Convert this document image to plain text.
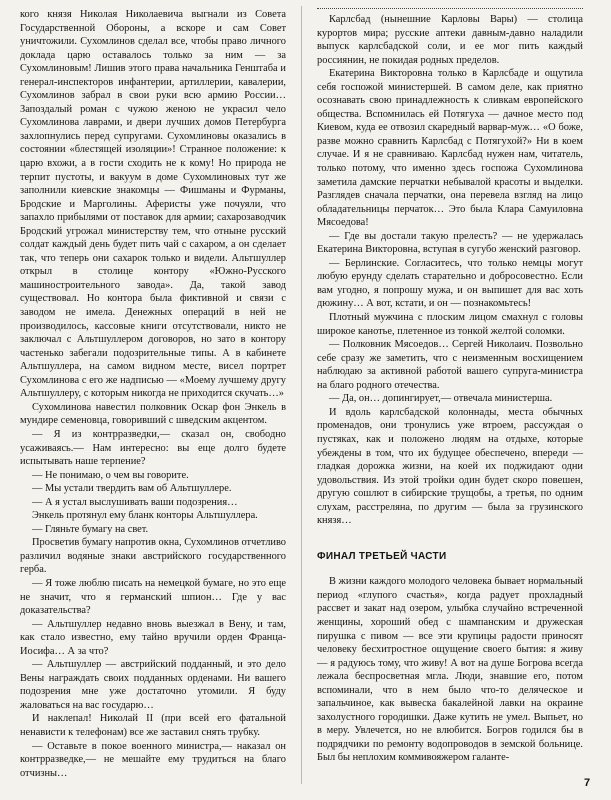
кого князя Николая Николаевича выгнали из Совета Государственной Обороны, а вскоре и сам Совет уничтожили. Сухомлинов сделал все, чтобы право личного доклада царю оставалось только за ним — за Сухомлиновым! Лишив этого права начальника Генштаба и генерал-инспекторов инфантерии, артиллерии, кавалерии, Сухомлинов забрал в свои руки всю армию России… Запоздалый роман с чужою женою не украсил чело Сухомлинова лаврами, и двери лучших домов Петербурга захлопнулись перед супругами. Сухомлиновы оказались в состоянии «блестящей изоляции»! Странное положение: к царю вхожи, а в гости сходить не к кому! Но природа не терпит пустоты, и вакуум в доме Сухомлиновых тут же заполнили киевские знакомцы — Фишманы и Фурманы, Бродские и Марголины. Аферисты уже почуяли, что запахло прибылями от поставок для армии; сахарозаводчик Бродский угрожал министерству тем, что отныне русский солдат каждый день будет пить чай с сахаром, а он сделает так, что теперь они сахарок только и видели. Альтшуллер открыл в столице контору «Южно-Русского машиностроительного завода». Да, такой завод существовал. Но контора была фиктивной и связи с заводом не имела. Денежных операций в ней не производилось, кассовые книги отсутствовали, никто не заключал с Альтшуллером договоров, но зато в контору частенько забегали подозрительные типы. А в кабинете Альтшуллера, на самом видном месте, висел портрет Сухомлинова с его же надписью — «Моему лучшему другу Альтшуллеру, с которым никогда не приходится скучать…»

Сухомлинова навестил полковник Оскар фон Энкель в мундире семеновца, говоривший с шведским акцентом.

— Я из контрразведки,— сказал он, свободно усаживаясь.— Нам интересно: вы еще долго будете испытывать наше терпение?

— Не понимаю, о чем вы говорите.

— Мы устали твердить вам об Альтшуллере.

— А я устал выслушивать ваши подозрения…

Энкель протянул ему бланк конторы Альтшуллера.

— Гляньте бумагу на свет.

Просветив бумагу напротив окна, Сухомлинов отчетливо различил водяные знаки австрийского государственного герба.

— Я тоже люблю писать на немецкой бумаге, но это еще не значит, что я германский шпион… Где у вас доказательства?

— Альтшуллер недавно вновь выезжал в Вену, и там, как стало известно, ему тайно вручили орден Франца-Иосифа… А за что?

— Альтшуллер — австрийский подданный, и это дело Вены награждать своих подданных орденами. Ни вашего подозрения мне уже достаточно утомили. Я буду жаловаться на вас государю…

И наклепал! Николай II (при всей его фатальной ненависти к телефонам) все же заставил снять трубку.

— Оставьте в покое военного министра,— наказал он контрразведке,— не мешайте ему трудиться на благо отчизны…

Карлсбад (нынешние Карловы Вары) — столица курортов мира; русские аптеки давным-давно наладили выпуск карлсбадской соли, и ее мог пить каждый россиянин, не покидая родных пределов.

Екатерина Викторовна только в Карлсбаде и ощутила себя госпожой министершей. В самом деле, как приятно осознавать свою принадлежность к сливкам европейского общества. Вспомнилась ей Потягуха — дачное место под Киевом, куда ее отвозил скаредный варвар-муж… «О боже, разве можно сравнить Карлсбад с Потягухой?» Ни в коем случае. И я не сравниваю. Карлсбад нужен нам, читатель, только потому, что именно здесь госпожа Сухомлинова заметила дамские перчатки небывалой красоты и выделки. Разглядев сначала перчатки, она перевела взгляд на лицо обладательницы перчаток… Это была Клара Самуиловна Мясоедова!

— Где вы достали такую прелесть? — не удержалась Екатерина Викторовна, вступая в сугубо женский разговор.

— Берлинские. Согласитесь, что только немцы могут любую ерунду сделать старательно и добросовестно. Если вам угодно, я попрошу мужа, и он выпишет для вас хоть дюжину… А вот, кстати, и он — познакомьтесь!

Плотный мужчина с плоским лицом смахнул с головы широкое канотье, плетенное из тонкой желтой соломки.

— Полковник Мясоедов… Сергей Николаич. Позвольно себе сразу же заметить, что с неизменным восхищением наблюдаю за активной работой вашего супруга-министра на благо родного отечества.

— Да, он… допингирует,— отвечала министерша.

И вдоль карлсбадской колоннады, места обычных променадов, они тронулись уже втроем, рассуждая о пустяках, как и положено людям на отдыхе, которые убеждены в том, что их будущее обеспечено, впереди — гладкая дорожка жизни, на коей их поджидают одни удовольствия. Из этой тройки один будет скоро повешен, другую сошлют в сибирские трущобы, а третья, по одним слухам, расстреляна, по другим — была за грузинского князя…

ФИНАЛ ТРЕТЬЕЙ ЧАСТИ

В жизни каждого молодого человека бывает нормальный период «глупого счастья», когда радует прохладный рассвет и закат над озером, улыбка случайно встреченной женщины, хороший обед с шампанским и дружеская пирушка с пивом — все эти крупицы радости приносят человеку бесхитростное ощущение своего бытия: я живу — я радуюсь тому, что живу! А вот на душе Богрова всегда лежала беспросветная мгла. Люди, знавшие его, потом вспоминали, что в нем было что-то деляческое и запальчиное, как вывеска бакалейной лавки на окраине захолустного городишки. Даже кутить не умел. Выпьет, но в меру. Увлечется, но не влюбится. Богров годился бы в подрядчики по ремонту водопроводов в земской больнице. Был бы неплохим коммивояжером галанте-

7
